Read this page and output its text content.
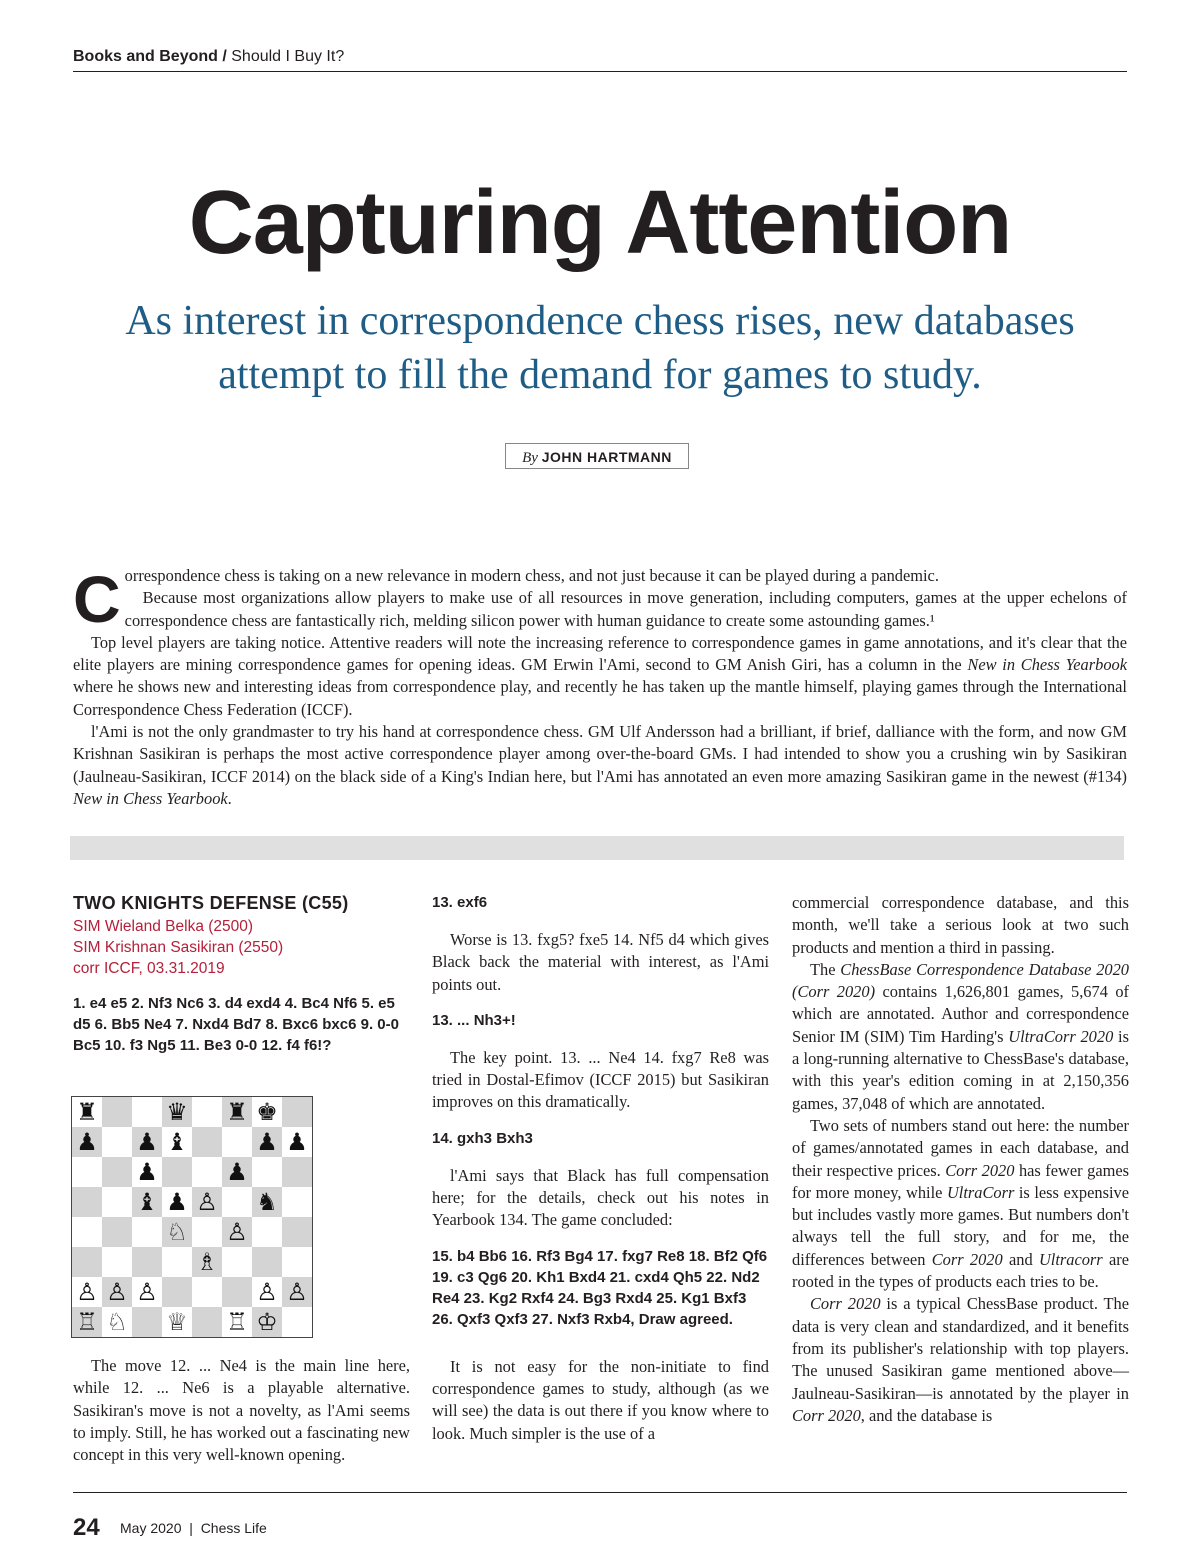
Books and Beyond / Should I Buy It?
Capturing Attention
As interest in correspondence chess rises, new databases attempt to fill the demand for games to study.
By JOHN HARTMANN
C orrespondence chess is taking on a new relevance in modern chess, and not just because it can be played during a pandemic.

Because most organizations allow players to make use of all resources in move generation, including computers, games at the upper echelons of correspondence chess are fantastically rich, melding silicon power with human guidance to create some astounding games.¹

Top level players are taking notice. Attentive readers will note the increasing reference to correspondence games in game annotations, and it's clear that the elite players are mining correspondence games for opening ideas. GM Erwin l'Ami, second to GM Anish Giri, has a column in the New in Chess Yearbook where he shows new and interesting ideas from correspondence play, and recently he has taken up the mantle himself, playing games through the International Correspondence Chess Federation (ICCF).

l'Ami is not the only grandmaster to try his hand at correspondence chess. GM Ulf Andersson had a brilliant, if brief, dalliance with the form, and now GM Krishnan Sasikiran is perhaps the most active correspondence player among over-the-board GMs. I had intended to show you a crushing win by Sasikiran (Jaulneau-Sasikiran, ICCF 2014) on the black side of a King's Indian here, but l'Ami has annotated an even more amazing Sasikiran game in the newest (#134) New in Chess Yearbook.

TWO KNIGHTS DEFENSE (C55)
SIM Wieland Belka (2500)
SIM Krishnan Sasikiran (2550)
corr ICCF, 03.31.2019
1. e4 e5 2. Nf3 Nc6 3. d4 exd4 4. Bc4 Nf6 5. e5 d5 6. Bb5 Ne4 7. Nxd4 Bd7 8. Bxc6 bxc6 9. 0-0 Bc5 10. f3 Ng5 11. Be3 0-0 12. f4 f6!?
♜	♛ ♜ ♚
♟ ♟ ♝	♟ ♟
♟	♟
♝ ♟ ♙ ♞
♘ ♙
♗
♙ ♙ ♙	♙ ♙
♖ ♘ ♕ ♖ ♔

The move 12. ... Ne4 is the main line here, while 12. ... Ne6 is a playable alternative. Sasikiran's move is not a novelty, as l'Ami seems to imply. Still, he has worked out a fascinating new concept in this very well-known opening.

13. exf6

Worse is 13. fxg5? fxe5 14. Nf5 d4 which gives Black back the material with interest, as l'Ami points out.

13. ... Nh3+!

The key point. 13. ... Ne4 14. fxg7 Re8 was tried in Dostal-Efimov (ICCF 2015) but Sasikiran improves on this dramatically.

14. gxh3 Bxh3

l'Ami says that Black has full compensation here; for the details, check out his notes in Yearbook 134. The game concluded:

15. b4 Bb6 16. Rf3 Bg4 17. fxg7 Re8 18. Bf2 Qf6 19. c3 Qg6 20. Kh1 Bxd4 21. cxd4 Qh5 22. Nd2 Re4 23. Kg2 Rxf4 24. Bg3 Rxd4 25. Kg1 Bxf3 26. Qxf3 Qxf3 27. Nxf3 Rxb4, Draw agreed.

It is not easy for the non-initiate to find correspondence games to study, although (as we will see) the data is out there if you know where to look. Much simpler is the use of a

commercial correspondence database, and this month, we'll take a serious look at two such products and mention a third in passing.

The ChessBase Correspondence Database 2020 (Corr 2020) contains 1,626,801 games, 5,674 of which are annotated. Author and correspondence Senior IM (SIM) Tim Harding's UltraCorr 2020 is a long-running alternative to ChessBase's database, with this year's edition coming in at 2,150,356 games, 37,048 of which are annotated.

Two sets of numbers stand out here: the number of games/annotated games in each database, and their respective prices. Corr 2020 has fewer games for more money, while UltraCorr is less expensive but includes vastly more games. But numbers don't always tell the full story, and for me, the differences between Corr 2020 and Ultracorr are rooted in the types of products each tries to be.

Corr 2020 is a typical ChessBase product. The data is very clean and standardized, and it benefits from its publisher's relationship with top players. The unused Sasikiran game mentioned above—Jaulneau-Sasikiran—is annotated by the player in Corr 2020, and the database is

24 May 2020 | Chess Life
